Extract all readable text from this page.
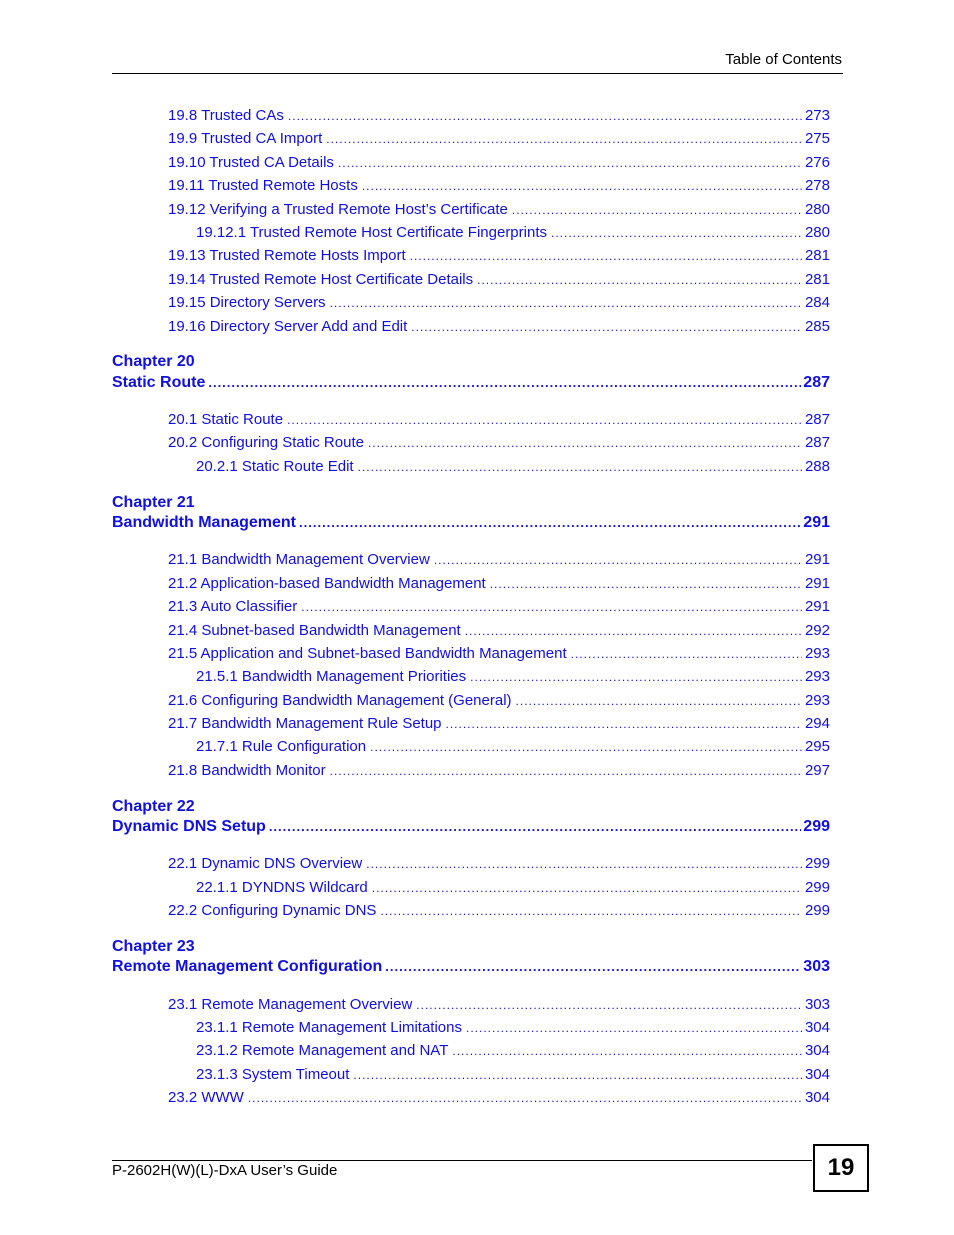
Table of Contents
19.8 Trusted CAs .....	273
19.9 Trusted CA Import .....	275
19.10 Trusted CA Details .....	276
19.11 Trusted Remote Hosts .....	278
19.12 Verifying a Trusted Remote Host’s Certificate .....	280
19.12.1 Trusted Remote Host Certificate Fingerprints .....	280
19.13 Trusted Remote Hosts Import .....	281
19.14 Trusted Remote Host Certificate Details .....	281
19.15 Directory Servers .....	284
19.16 Directory Server Add and Edit .....	285
20.1 Static Route .....	287
20.2 Configuring Static Route .....	287
20.2.1 Static Route Edit .....	288
21.1 Bandwidth Management Overview .....	291
21.2 Application-based Bandwidth Management .....	291
21.3 Auto Classifier .....	291
21.4 Subnet-based Bandwidth Management .....	292
21.5 Application and Subnet-based Bandwidth Management .....	293
21.5.1 Bandwidth Management Priorities .....	293
21.6 Configuring Bandwidth Management (General) .....	293
21.7 Bandwidth Management Rule Setup .....	294
21.7.1 Rule Configuration .....	295
21.8 Bandwidth Monitor .....	297
22.1 Dynamic DNS Overview .....	299
22.1.1 DYNDNS Wildcard .....	299
22.2 Configuring Dynamic DNS .....	299
23.1 Remote Management Overview .....	303
23.1.1 Remote Management Limitations .....	304
23.1.2 Remote Management and NAT .....	304
23.1.3 System Timeout .....	304
23.2 WWW .....	304
Chapter 20
Static Route .....	287
Chapter 21
Bandwidth Management .....	291
Chapter 22
Dynamic DNS Setup .....	299
Chapter 23
Remote Management Configuration .....	303
P-2602H(W)(L)-DxA User’s Guide	19
